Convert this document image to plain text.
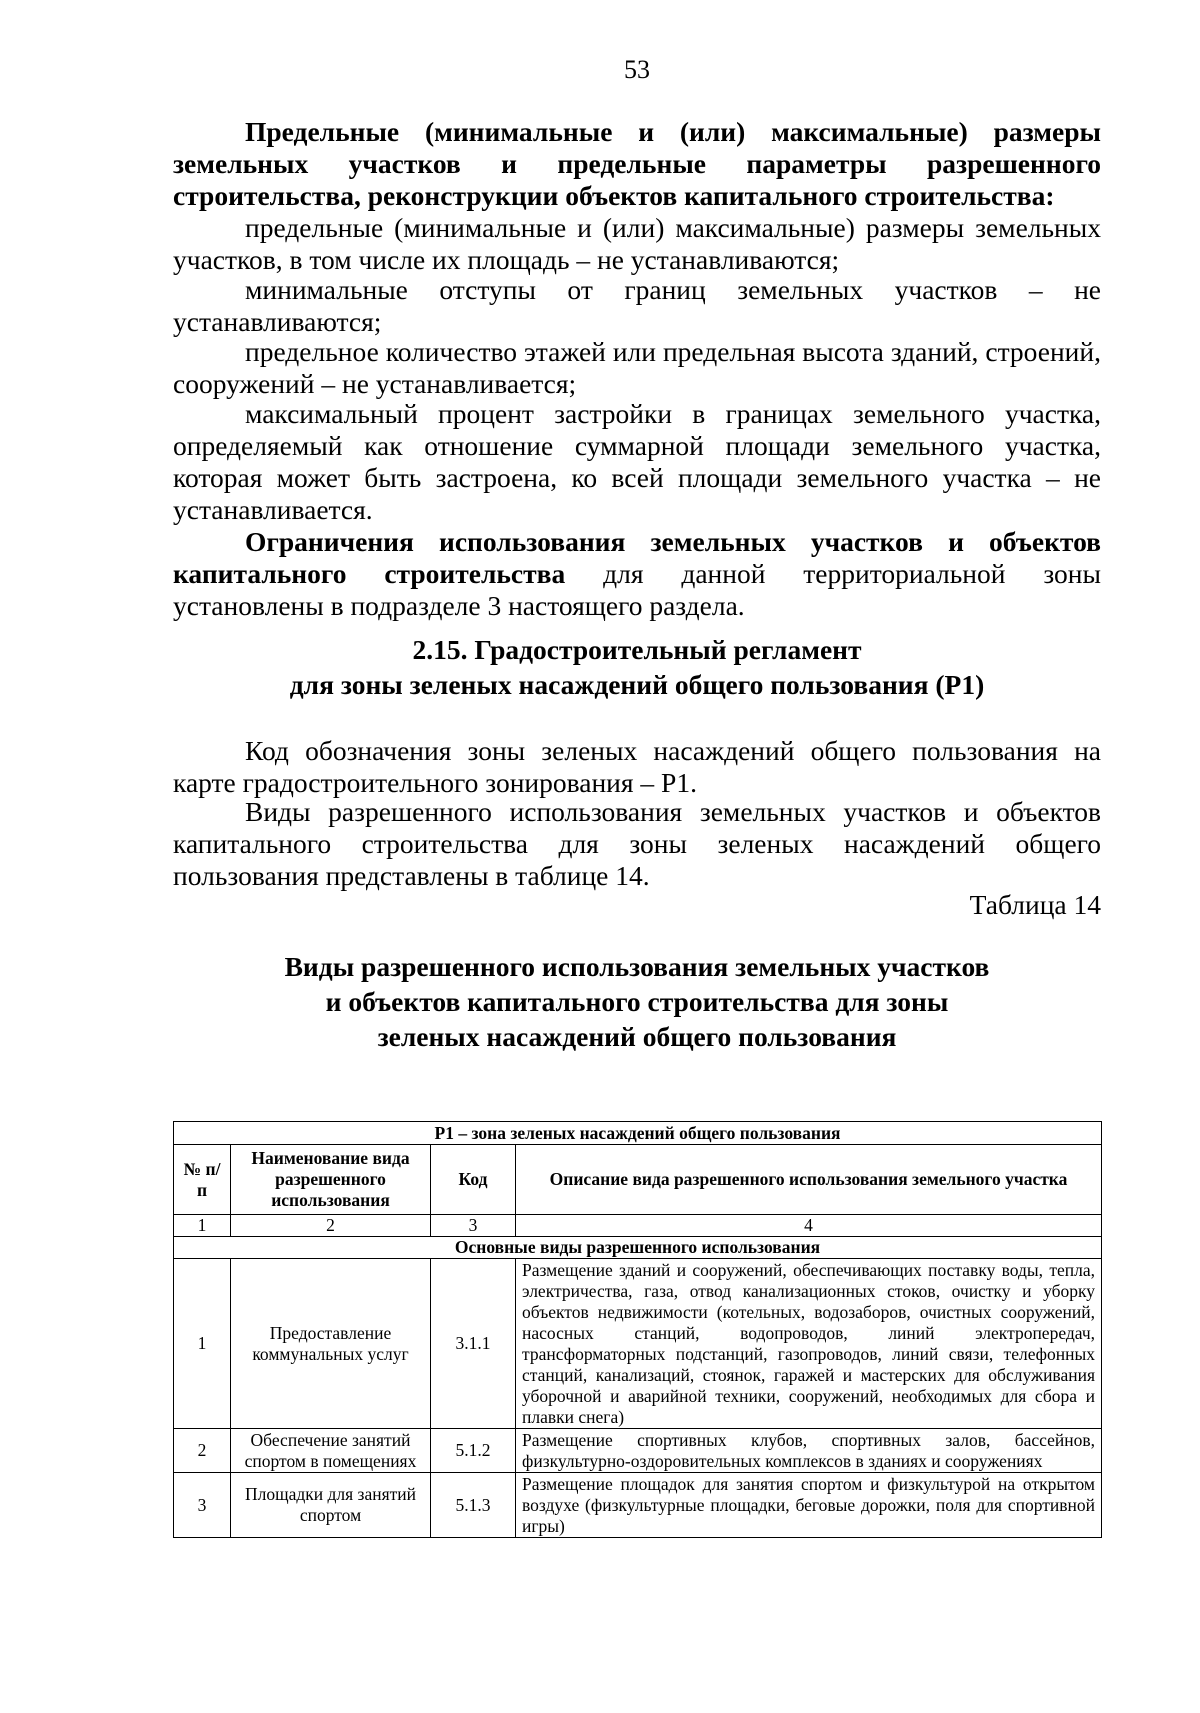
53
Предельные (минимальные и (или) максимальные) размеры земельных участков и предельные параметры разрешенного строительства, реконструкции объектов капитального строительства:
предельные (минимальные и (или) максимальные) размеры земельных участков, в том числе их площадь – не устанавливаются;
минимальные отступы от границ земельных участков – не устанавливаются;
предельное количество этажей или предельная высота зданий, строений, сооружений – не устанавливается;
максимальный процент застройки в границах земельного участка, определяемый как отношение суммарной площади земельного участка, которая может быть застроена, ко всей площади земельного участка – не устанавливается.
Ограничения использования земельных участков и объектов капитального строительства для данной территориальной зоны установлены в подразделе 3 настоящего раздела.
2.15. Градостроительный регламент
для зоны зеленых насаждений общего пользования (Р1)
Код обозначения зоны зеленых насаждений общего пользования на карте градостроительного зонирования – Р1.
Виды разрешенного использования земельных участков и объектов капитального строительства для зоны зеленых насаждений общего пользования представлены в таблице 14.
Таблица 14
Виды разрешенного использования земельных участков
и объектов капитального строительства для зоны
зеленых насаждений общего пользования
Р1 – зона зеленых насаждений общего пользования			
№ п/п	Наименование вида разрешенного использования	Код	Описание вида разрешенного использования земельного участка
1	2	3	4
Основные виды разрешенного использования			
1	Предоставление коммунальных услуг	3.1.1	Размещение зданий и сооружений, обеспечивающих поставку воды, тепла, электричества, газа, отвод канализационных стоков, очистку и уборку объектов недвижимости (котельных, водозаборов, очистных сооружений, насосных станций, водопроводов, линий электропередач, трансформаторных подстанций, газопроводов, линий связи, телефонных станций, канализаций, стоянок, гаражей и мастерских для обслуживания уборочной и аварийной техники, сооружений, необходимых для сбора и плавки снега)
2	Обеспечение занятий спортом в помещениях	5.1.2	Размещение спортивных клубов, спортивных залов, бассейнов, физкультурно-оздоровительных комплексов в зданиях и сооружениях
3	Площадки для занятий спортом	5.1.3	Размещение площадок для занятия спортом и физкультурой на открытом воздухе (физкультурные площадки, беговые дорожки, поля для спортивной игры)
